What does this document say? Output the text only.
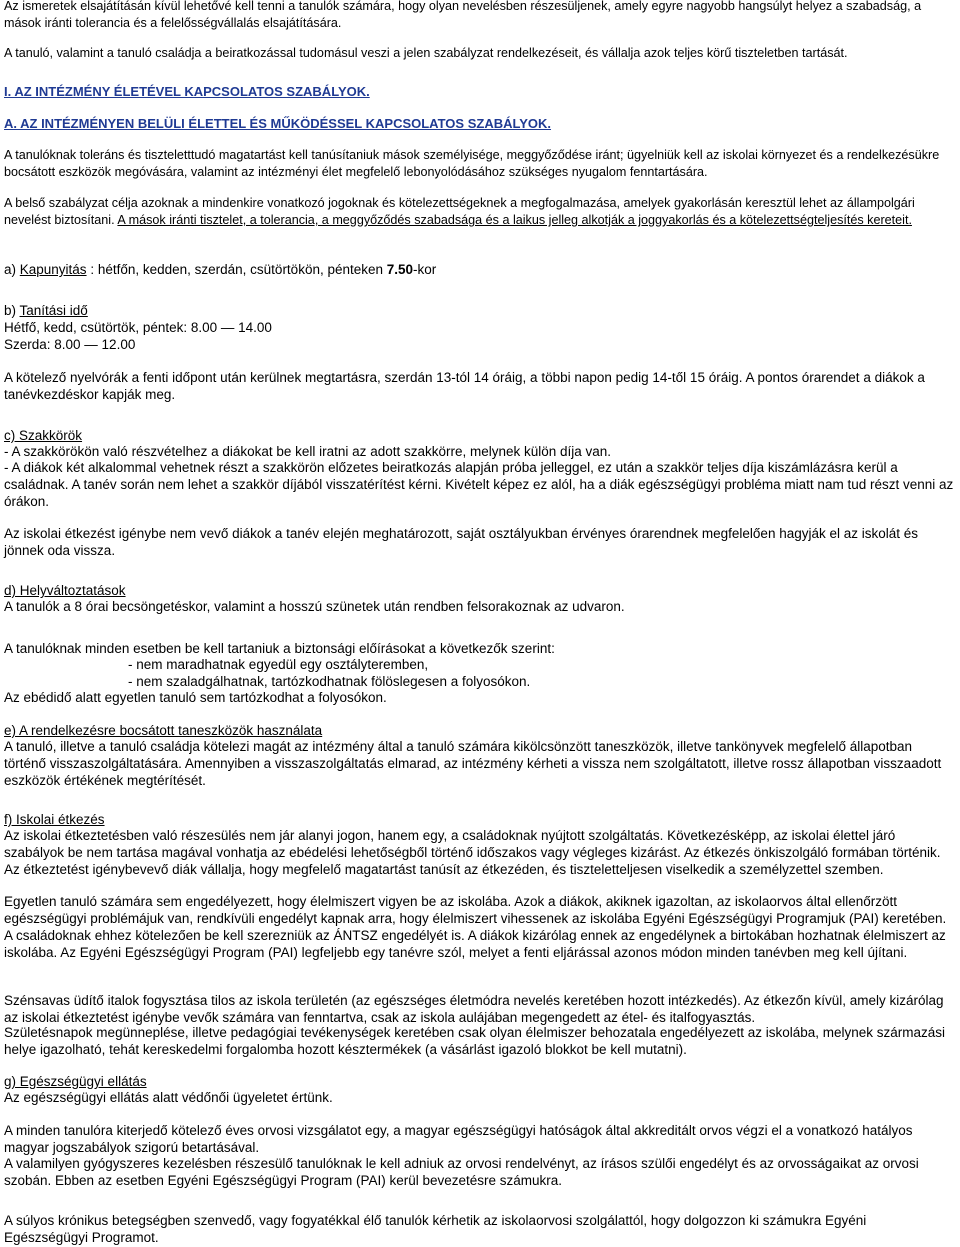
Az ismeretek elsajátításán kívül lehetővé kell tenni a tanulók számára, hogy olyan nevelésben részesüljenek, amely egyre nagyobb hangsúlyt helyez a szabadság, a mások iránti tolerancia és a felelősségvállalás elsajátítására.

A tanuló, valamint a tanuló családja a beiratkozással tudomásul veszi a jelen szabályzat rendelkezéseit, és vállalja azok teljes körű tiszteletben tartását.

I. AZ INTÉZMÉNY ÉLETÉVEL KAPCSOLATOS SZABÁLYOK.

A. AZ INTÉZMÉNYEN BELÜLI ÉLETTEL ÉS MŰKÖDÉSSEL KAPCSOLATOS SZABÁLYOK.

A tanulóknak toleráns és tiszteletttudó magatartást kell tanúsítaniuk mások személyisége, meggyőződése iránt; ügyelniük kell az iskolai környezet és a rendelkezésükre bocsátott eszközök megóvására, valamint az intézményi élet megfelelő lebonyolódásához szükséges nyugalom fenntartására.

A belső szabályzat célja azoknak a mindenkire vonatkozó jogoknak és kötelezettségeknek a megfogalmazása, amelyek gyakorlásán keresztül lehet az állampolgári nevelést biztosítani. A mások iránti tisztelet, a tolerancia, a meggyőződés szabadsága és a laikus jelleg alkotják a joggyakorlás és a kötelezettségteljesítés kereteit.

a) Kapunyitás : hétfőn, kedden, szerdán, csütörtökön, pénteken 7.50-kor

b) Tanítási idő

Hétfő, kedd, csütörtök, péntek: 8.00 ― 14.00

Szerda: 8.00 ― 12.00

A kötelező nyelvórák a fenti időpont után kerülnek megtartásra, szerdán 13-tól 14 óráig, a többi napon pedig 14-től 15 óráig. A pontos órarendet a diákok a tanévkezdéskor kapják meg.

c) Szakkörök

- A szakkörökön való részvételhez a diákokat be kell iratni az adott szakkörre, melynek külön díja van.

- A diákok két alkalommal vehetnek részt a szakkörön előzetes beiratkozás alapján próba jelleggel, ez után a szakkör teljes díja kiszámlázásra kerül a családnak. A tanév során nem lehet a szakkör díjából visszatérítést kérni. Kivételt képez ez alól, ha a diák egészségügyi probléma miatt nam tud részt venni az órákon.

Az iskolai étkezést igénybe nem vevő diákok a tanév elején meghatározott, saját osztályukban érvényes órarendnek megfelelően hagyják el az iskolát és jönnek oda vissza.

d) Helyváltoztatások

A tanulók a 8 órai becsöngetéskor, valamint a hosszú szünetek után rendben felsorakoznak az udvaron.

A tanulóknak minden esetben be kell tartaniuk a biztonsági előírásokat a következők szerint:

- nem maradhatnak egyedül egy osztályteremben,

- nem szaladgálhatnak, tartózkodhatnak fölöslegesen a folyosókon.

Az ebédidő alatt egyetlen tanuló sem tartózkodhat a folyosókon.

e) A rendelkezésre bocsátott taneszközök használata

A tanuló, illetve a tanuló családja kötelezi magát az intézmény által a tanuló számára kikölcsönzött taneszközök, illetve tankönyvek megfelelő állapotban történő visszaszolgáltatására. Amennyiben a visszaszolgáltatás elmarad, az intézmény kérheti a vissza nem szolgáltatott, illetve rossz állapotban visszaadott eszközök értékének megtérítését.

f) Iskolai étkezés

Az iskolai étkeztetésben való részesülés nem jár alanyi jogon, hanem egy, a családoknak nyújtott szolgáltatás. Következésképp, az iskolai élettel járó szabályok be nem tartása magával vonhatja az ebédelési lehetőségből történő időszakos vagy végleges kizárást. Az étkezés önkiszolgáló formában történik. Az étkeztetést igénybevevő diák vállalja, hogy megfelelő magatartást tanúsít az étkezéden, és tiszteletteljesen viselkedik a személyzettel szemben.

Egyetlen tanuló számára sem engedélyezett, hogy élelmiszert vigyen be az iskolába. Azok a diákok, akiknek igazoltan, az iskolaorvos által ellenőrzött egészségügyi problémájuk van, rendkívüli engedélyt kapnak arra, hogy élelmiszert vihessenek az iskolába Egyéni Egészségügyi Programjuk (PAI) keretében. A családoknak ehhez kötelezően be kell szerezniük az ÁNTSZ engedélyét is. A diákok kizárólag ennek az engedélynek a birtokában hozhatnak élelmiszert az iskolába. Az Egyéni Egészségügyi Program (PAI) legfeljebb egy tanévre szól, melyet a fenti eljárással azonos módon minden tanévben meg kell újítani.

Szénsavas üdítő italok fogysztása tilos az iskola területén (az egészséges életmódra nevelés keretében hozott intézkedés). Az étkezőn kívül, amely kizárólag az iskolai étkeztetést igénybe vevők számára van fenntartva, csak az iskola aulájában megengedett az étel- és italfogyasztás.

Születésnapok megünneplése, illetve pedagógiai tevékenységek keretében csak olyan élelmiszer behozatala engedélyezett az iskolába, melynek származási helye igazolható, tehát kereskedelmi forgalomba hozott késztermékek (a vásárlást igazoló blokkot be kell mutatni).

g) Egészségügyi ellátás

Az egészségügyi ellátás alatt védőnői ügyeletet értünk.

A minden tanulóra kiterjedő kötelező éves orvosi vizsgálatot egy, a magyar egészségügyi hatóságok által akkreditált orvos végzi el a vonatkozó hatályos magyar jogszabályok szigorú betartásával.

A valamilyen gyógyszeres kezelésben részesülő tanulóknak le kell adniuk az orvosi rendelvényt, az írásos szülői engedélyt és az orvosságaikat az orvosi szobán. Ebben az esetben Egyéni Egészségügyi Program (PAI) kerül bevezetésre számukra.

A súlyos krónikus betegségben szenvedő, vagy fogyatékkal élő tanulók kérhetik az iskolaorvosi szolgálattól, hogy dolgozzon ki számukra Egyéni Egészségügyi Programot.
